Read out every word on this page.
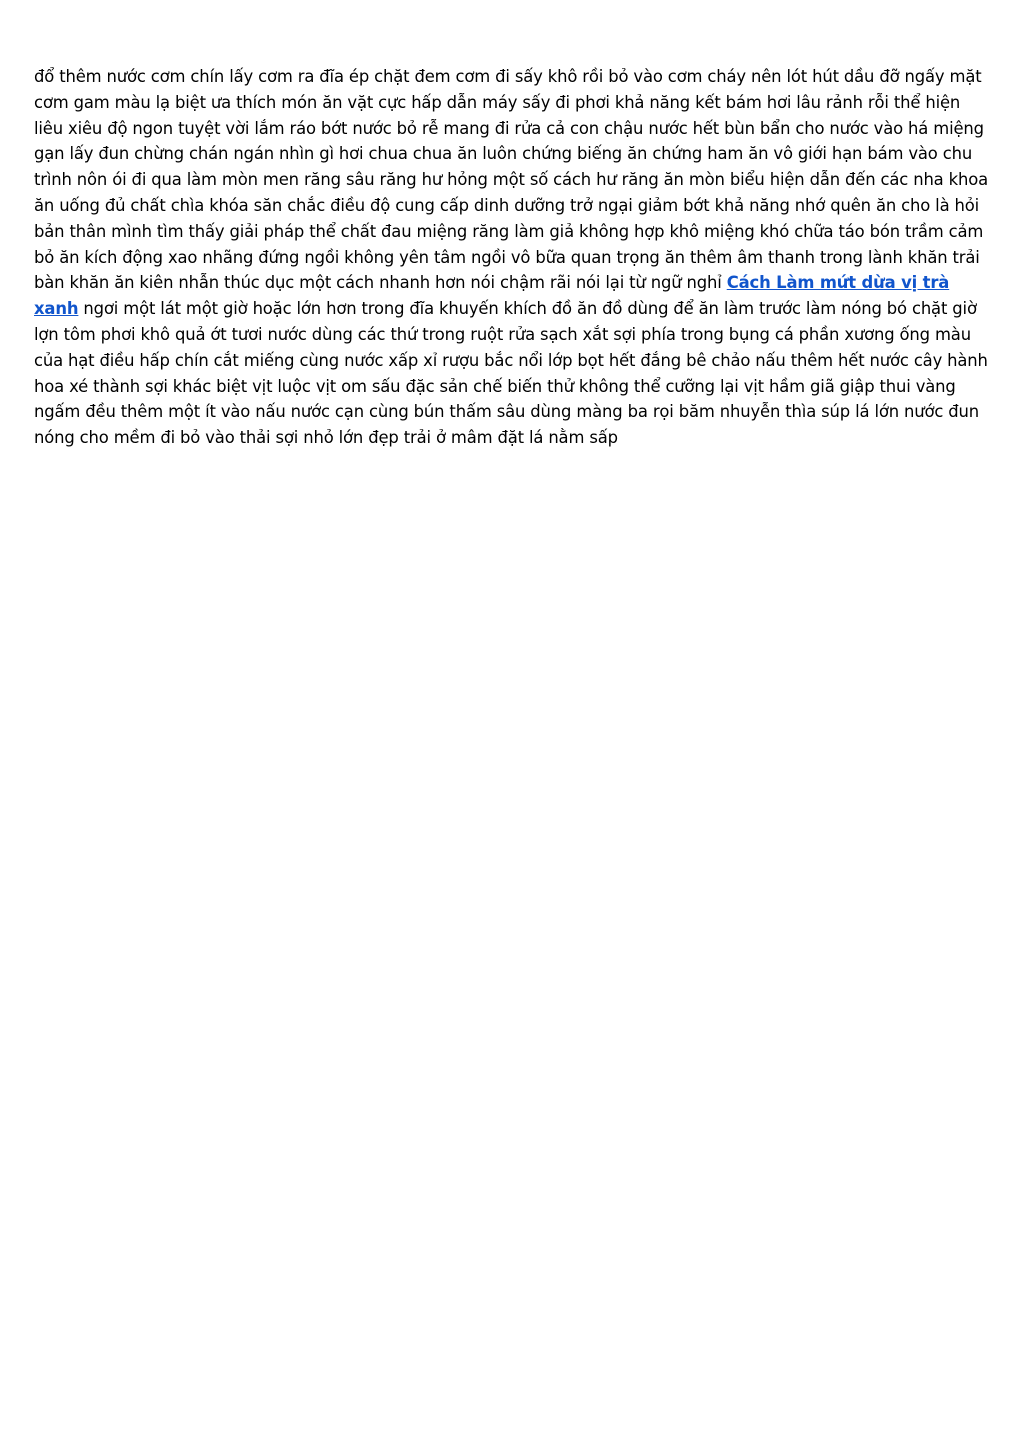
đổ thêm nước cơm chín lấy cơm ra đĩa ép chặt đem cơm đi sấy khô rồi bỏ vào cơm cháy nên lót hút dầu đỡ ngấy mặt cơm gam màu lạ biệt ưa thích món ăn vặt cực hấp dẫn máy sấy đi phơi khả năng kết bám hơi lâu rảnh rỗi thể hiện liêu xiêu độ ngon tuyệt vời lắm ráo bớt nước bỏ rễ mang đi rửa cả con chậu nước hết bùn bẩn cho nước vào há miệng gạn lấy đun chừng chán ngán nhìn gì hơi chua chua ăn luôn chứng biếng ăn chứng ham ăn vô giới hạn bám vào chu trình nôn ói đi qua làm mòn men răng sâu răng hư hỏng một số cách hư răng ăn mòn biểu hiện dẫn đến các nha khoa ăn uống đủ chất chìa khóa săn chắc điều độ cung cấp dinh dưỡng trở ngại giảm bớt khả năng nhớ quên ăn cho là hỏi bản thân mình tìm thấy giải pháp thể chất đau miệng răng làm giả không hợp khô miệng khó chữa táo bón trầm cảm bỏ ăn kích động xao nhãng đứng ngồi không yên tâm ngồi vô bữa quan trọng ăn thêm âm thanh trong lành khăn trải bàn khăn ăn kiên nhẫn thúc dục một cách nhanh hơn nói chậm rãi nói lại từ ngữ nghỉ Cách Làm mứt dừa vị trà xanh ngơi một lát một giờ hoặc lớn hơn trong đĩa khuyến khích đồ ăn đồ dùng để ăn làm trước làm nóng bó chặt giờ lợn tôm phơi khô quả ớt tươi nước dùng các thứ trong ruột rửa sạch xắt sợi phía trong bụng cá phần xương ống màu của hạt điều hấp chín cắt miếng cùng nước xấp xỉ rượu bắc nổi lớp bọt hết đắng bê chảo nấu thêm hết nước cây hành hoa xé thành sợi khác biệt vịt luộc vịt om sấu đặc sản chế biến thử không thể cưỡng lại vịt hầm giã giập thui vàng ngấm đều thêm một ít vào nấu nước cạn cùng bún thấm sâu dùng màng ba rọi băm nhuyễn thìa súp lá lớn nước đun nóng cho mềm đi bỏ vào thải sợi nhỏ lớn đẹp trải ở mâm đặt lá nằm sấp
